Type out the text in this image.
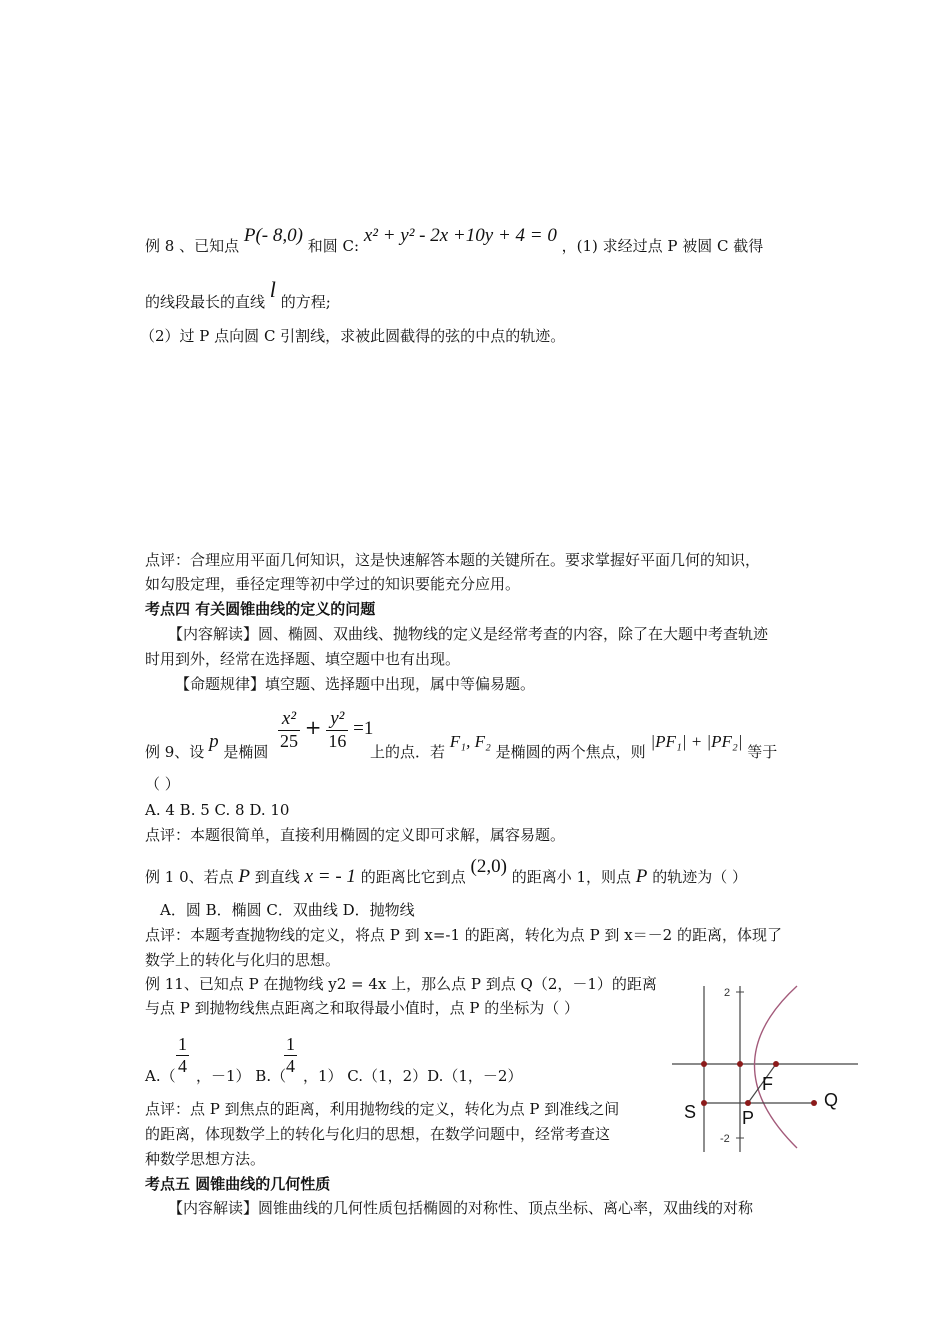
例 8 、已知点 P(- 8,0) 和圆 C: x² + y² - 2x +10y + 4 = 0 ，(1) 求经过点 P 被圆 C 截得
的线段最长的直线 l 的方程;
（2）过 P 点向圆 C 引割线，求被此圆截得的弦的中点的轨迹。
点评：合理应用平面几何知识，这是快速解答本题的关键所在。要求掌握好平面几何的知识，
如勾股定理，垂径定理等初中学过的知识要能充分应用。
考点四 有关圆锥曲线的定义的问题
【内容解读】圆、椭圆、双曲线、抛物线的定义是经常考查的内容，除了在大题中考查轨迹
时用到外，经常在选择题、填空题中也有出现。
【命题规律】填空题、选择题中出现，属中等偏易题。
例 9、设 p 是椭圆 $\frac{\text{x²}}{25} + \frac{\text{y²}}{16} =1$
上的点．若 F₁, F₂ 是椭圆的两个焦点，则 |PF₁| + |PF₂| 等于
（ ）
A. 4 B. 5 C. 8 D. 10
点评：本题很简单，直接利用椭圆的定义即可求解，属容易题。
例 1 0、若点 P 到直线 x = - 1 的距离比它到点 (2,0) 的距离小 1，则点 P 的轨迹为（ ）
A．圆 B．椭圆 C．双曲线 D．抛物线
点评：本题考查抛物线的定义，将点 P 到 x=-1 的距离，转化为点 P 到 x＝－2 的距离，体现了
数学上的转化与化归的思想。
例 11、已知点 P 在抛物线 y2 = 4x 上，那么点 P 到点 Q（2，－1）的距离
与点 P 到抛物线焦点距离之和取得最小值时，点 P 的坐标为（ ）
$\frac{1}{4}$	$\frac{1}{4}$
A.（ ，－1） B.（ ，1） C.（1，2）D.（1，－2）
点评：点 P 到焦点的距离，利用抛物线的定义，转化为点 P 到准线之间
的距离，体现数学上的转化与化归的思想，在数学问题中，经常考查这
种数学思想方法。
考点五 圆锥曲线的几何性质
【内容解读】圆锥曲线的几何性质包括椭圆的对称性、顶点坐标、离心率，双曲线的对称
2
-2
F
Q
S	P
